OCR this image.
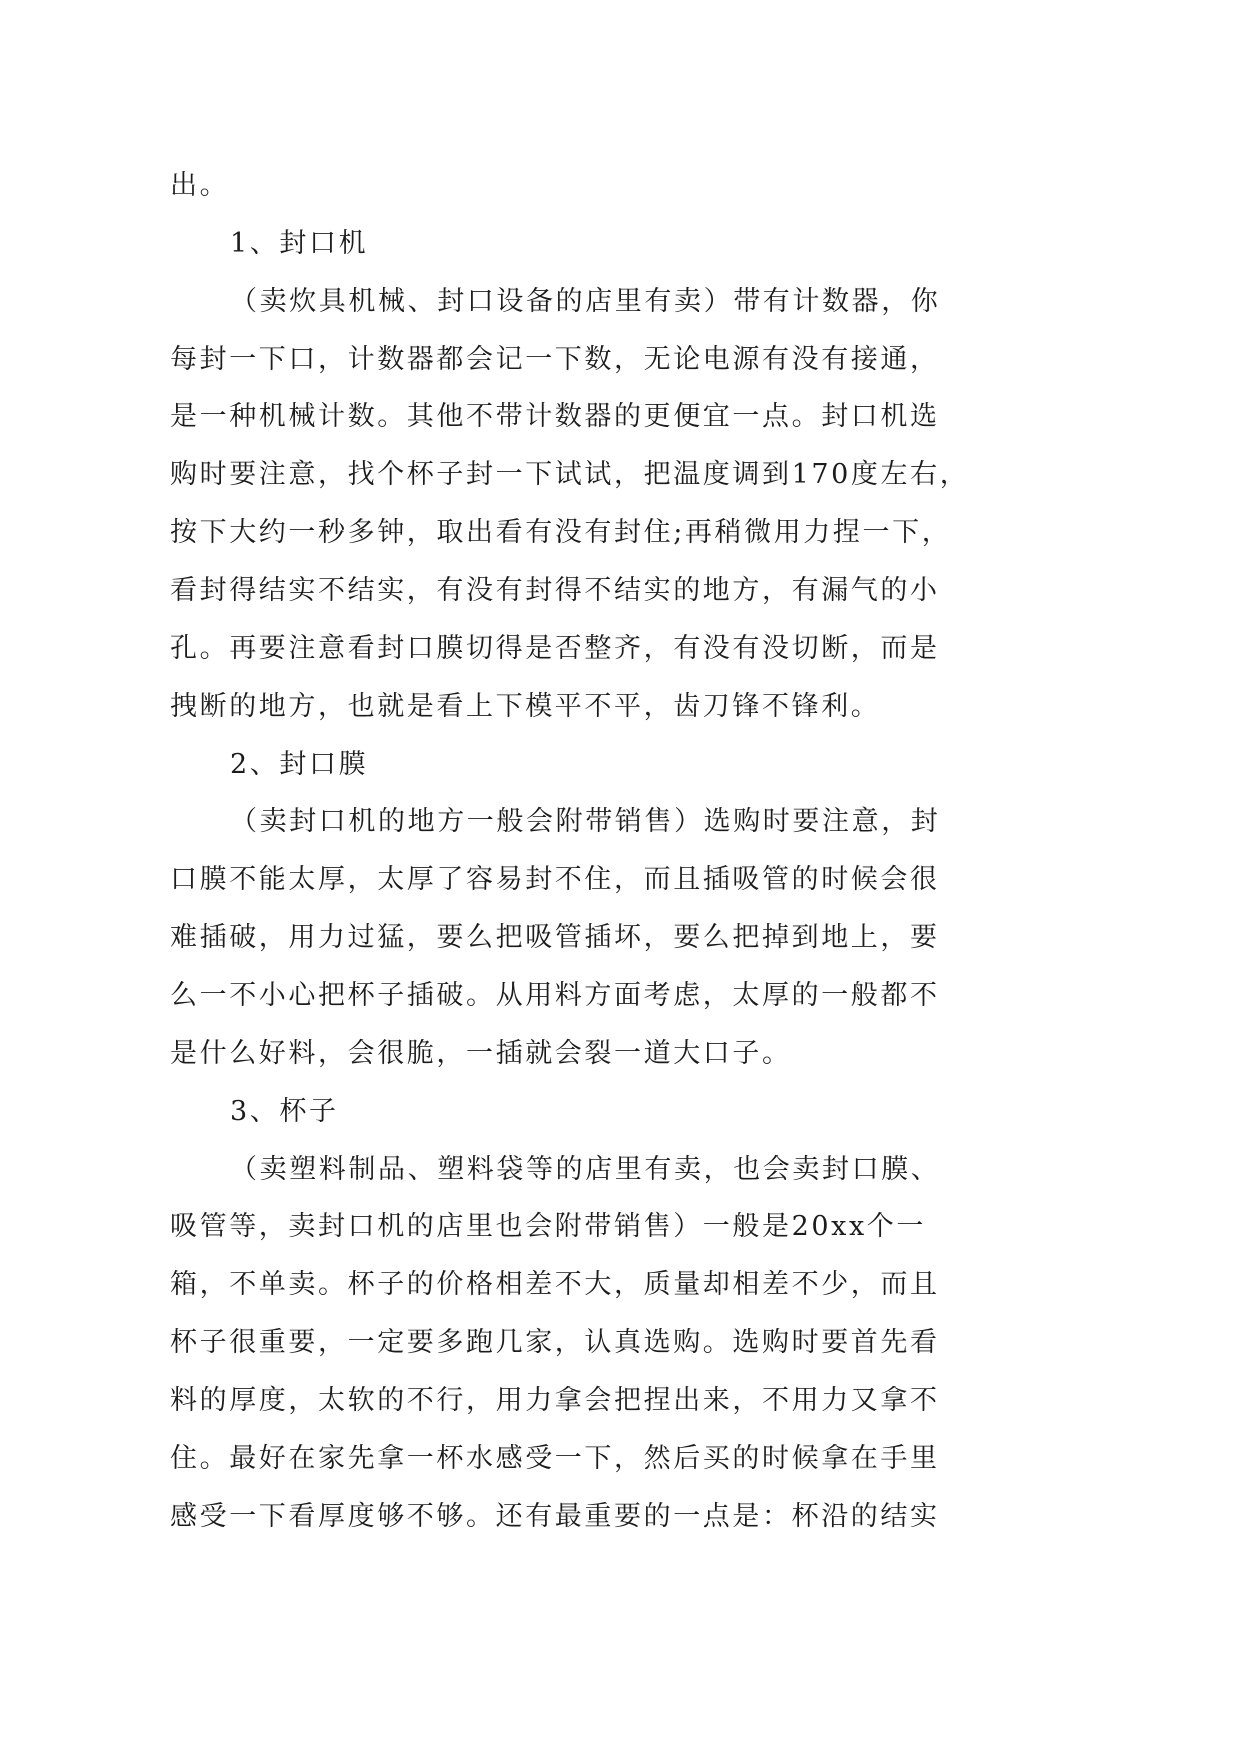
出。
1、封口机
（卖炊具机械、封口设备的店里有卖）带有计数器，你
每封一下口，计数器都会记一下数，无论电源有没有接通，
是一种机械计数。其他不带计数器的更便宜一点。封口机选
购时要注意，找个杯子封一下试试，把温度调到170度左右，
按下大约一秒多钟，取出看有没有封住;再稍微用力捏一下，
看封得结实不结实，有没有封得不结实的地方，有漏气的小
孔。再要注意看封口膜切得是否整齐，有没有没切断，而是
拽断的地方，也就是看上下模平不平，齿刀锋不锋利。
2、封口膜
（卖封口机的地方一般会附带销售）选购时要注意，封
口膜不能太厚，太厚了容易封不住，而且插吸管的时候会很
难插破，用力过猛，要么把吸管插坏，要么把掉到地上，要
么一不小心把杯子插破。从用料方面考虑，太厚的一般都不
是什么好料，会很脆，一插就会裂一道大口子。
3、杯子
（卖塑料制品、塑料袋等的店里有卖，也会卖封口膜、
吸管等，卖封口机的店里也会附带销售）一般是20xx个一
箱，不单卖。杯子的价格相差不大，质量却相差不少，而且
杯子很重要，一定要多跑几家，认真选购。选购时要首先看
料的厚度，太软的不行，用力拿会把捏出来，不用力又拿不
住。最好在家先拿一杯水感受一下，然后买的时候拿在手里
感受一下看厚度够不够。还有最重要的一点是：杯沿的结实
